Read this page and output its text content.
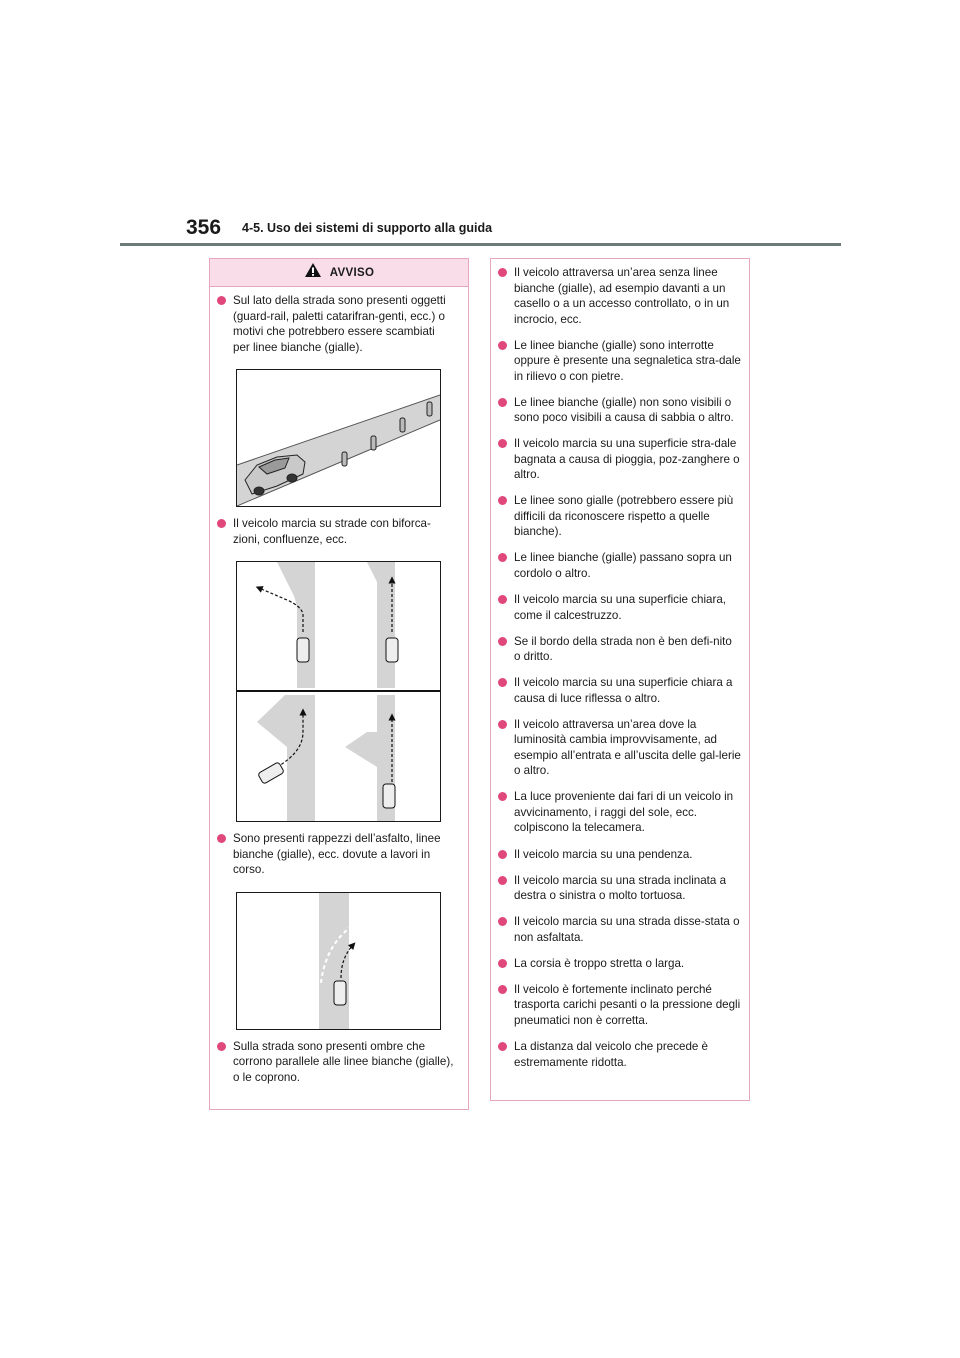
356 4-5. Uso dei sistemi di supporto alla guida
AVVISO
Sul lato della strada sono presenti oggetti (guard-rail, paletti catarifran-genti, ecc.) o motivi che potrebbero essere scambiati per linee bianche (gialle).
Il veicolo marcia su strade con biforca-zioni, confluenze, ecc.
Sono presenti rappezzi dell’asfalto, linee bianche (gialle), ecc. dovute a lavori in corso.
Sulla strada sono presenti ombre che corrono parallele alle linee bianche (gialle), o le coprono.
Il veicolo attraversa un’area senza linee bianche (gialle), ad esempio davanti a un casello o a un accesso controllato, o in un incrocio, ecc.
Le linee bianche (gialle) sono interrotte oppure è presente una segnaletica stra-dale in rilievo o con pietre.
Le linee bianche (gialle) non sono visibili o sono poco visibili a causa di sabbia o altro.
Il veicolo marcia su una superficie stra-dale bagnata a causa di pioggia, poz-zanghere o altro.
Le linee sono gialle (potrebbero essere più difficili da riconoscere rispetto a quelle bianche).
Le linee bianche (gialle) passano sopra un cordolo o altro.
Il veicolo marcia su una superficie chiara, come il calcestruzzo.
Se il bordo della strada non è ben defi-nito o dritto.
Il veicolo marcia su una superficie chiara a causa di luce riflessa o altro.
Il veicolo attraversa un’area dove la luminosità cambia improvvisamente, ad esempio all’entrata e all’uscita delle gal-lerie o altro.
La luce proveniente dai fari di un veicolo in avvicinamento, i raggi del sole, ecc. colpiscono la telecamera.
Il veicolo marcia su una pendenza.
Il veicolo marcia su una strada inclinata a destra o sinistra o molto tortuosa.
Il veicolo marcia su una strada disse-stata o non asfaltata.
La corsia è troppo stretta o larga.
Il veicolo è fortemente inclinato perché trasporta carichi pesanti o la pressione degli pneumatici non è corretta.
La distanza dal veicolo che precede è estremamente ridotta.
